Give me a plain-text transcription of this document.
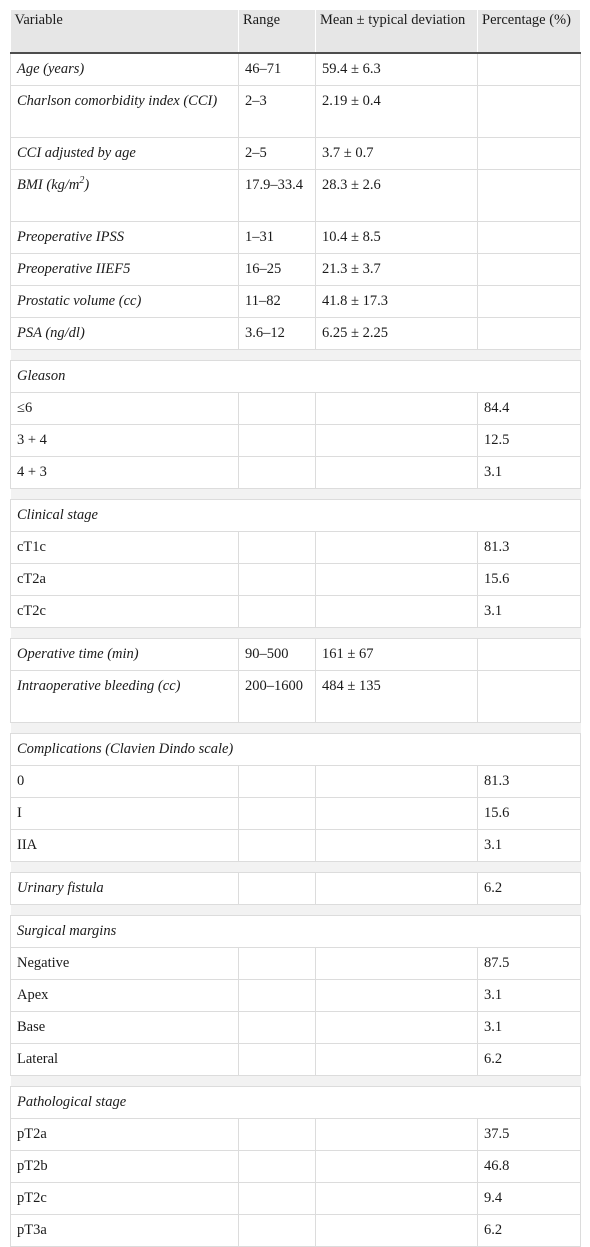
Variable	Range	Mean ± typical deviation	Percentage (%)
Age (years)	46–71	59.4 ± 6.3	
Charlson comorbidity index (CCI)	2–3	2.19 ± 0.4	
CCI adjusted by age	2–5	3.7 ± 0.7	
BMI $(kg/m^2)$	17.9–33.4	28.3 ± 2.6	
Preoperative IPSS	1–31	10.4 ± 8.5	
Preoperative IIEF5	16–25	21.3 ± 3.7	
Prostatic volume (cc)	11–82	41.8 ± 17.3	
PSA (ng/dl)	3.6–12	6.25 ± 2.25	

Gleason			
≤6			84.4
3 + 4			12.5
4 + 3			3.1

Clinical stage			
cT1c			81.3
cT2a			15.6
cT2c			3.1

Operative time (min)	90–500	161 ± 67	
Intraoperative bleeding (cc)	200–1600	484 ± 135	

Complications (Clavien Dindo scale)			
0			81.3
I			15.6
IIA			3.1

Urinary fistula			6.2

Surgical margins			
Negative			87.5
Apex			3.1
Base			3.1
Lateral			6.2

Pathological stage			
pT2a			37.5
pT2b			46.8
pT2c			9.4
pT3a			6.2
